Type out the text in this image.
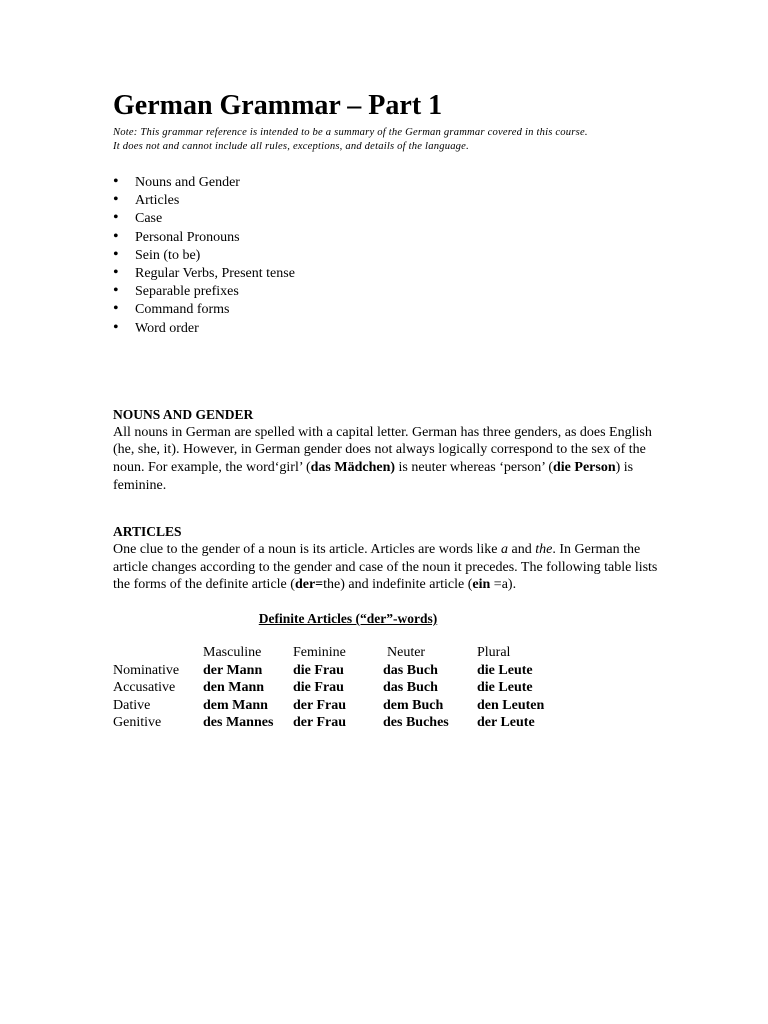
German Grammar – Part 1

Note: This grammar reference is intended to be a summary of the German grammar covered in this course.
It does not and cannot include all rules, exceptions, and details of the language.

• Nouns and Gender
• Articles
• Case
• Personal Pronouns
• Sein (to be)
• Regular Verbs, Present tense
• Separable prefixes
• Command forms
• Word order
NOUNS AND GENDER

All nouns in German are spelled with a capital letter. German has three genders, as does English (he, she, it). However, in German gender does not always logically correspond to the sex of the noun. For example, the word‘girl’ (das Mädchen) is neuter whereas ‘person’ (die Person) is feminine.

ARTICLES

One clue to the gender of a noun is its article. Articles are words like a and the. In German the article changes according to the gender and case of the noun it precedes. The following table lists the forms of the definite article (der=the) and indefinite article (ein =a).

Definite Articles (“der”-words)
	Masculine	Feminine	Neuter	Plural
Nominative	der Mann	die Frau	das Buch	die Leute
Accusative	den Mann	die Frau	das Buch	die Leute
Dative	dem Mann	der Frau	dem Buch	den Leuten
Genitive	des Mannes	der Frau	des Buches	der Leute
